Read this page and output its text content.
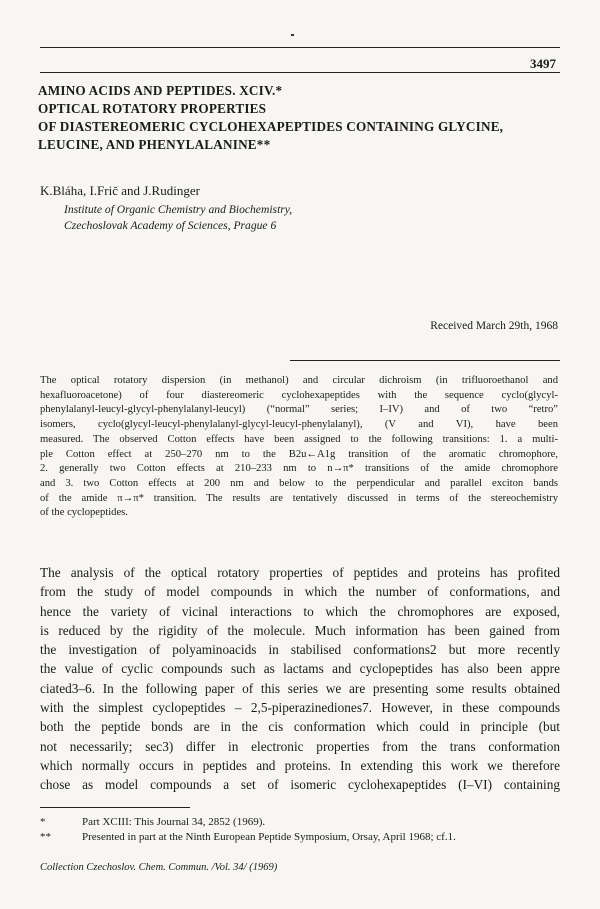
3497
AMINO ACIDS AND PEPTIDES. XCIV.*
OPTICAL ROTATORY PROPERTIES
OF DIASTEREOMERIC CYCLOHEXAPEPTIDES CONTAINING GLYCINE,
LEUCINE, AND PHENYLALANINE**
K.Bláha, I.Frič and J.Rudinger
Institute of Organic Chemistry and Biochemistry,
Czechoslovak Academy of Sciences, Prague 6
Received March 29th, 1968
The optical rotatory dispersion (in methanol) and circular dichroism (in trifluoroethanol and
hexafluoroacetone) of four diastereomeric cyclohexapeptides with the sequence cyclo(glycyl-
phenylalanyl-leucyl-glycyl-phenylalanyl-leucyl) (“normal” series; I–IV) and of two “retro”
isomers, cyclo(glycyl-leucyl-phenylalanyl-glycyl-leucyl-phenylalanyl), (V and VI), have been
measured. The observed Cotton effects have been assigned to the following transitions: 1. a multi-
ple Cotton effect at 250–270 nm to the B2u←A1g transition of the aromatic chromophore,
2. generally two Cotton effects at 210–233 nm to n→π* transitions of the amide chromophore
and 3. two Cotton effects at 200 nm and below to the perpendicular and parallel exciton bands
of the amide π→π* transition. The results are tentatively discussed in terms of the stereochemistry
of the cyclopeptides.
The analysis of the optical rotatory properties of peptides and proteins has profited
from the study of model compounds in which the number of conformations, and
hence the variety of vicinal interactions to which the chromophores are exposed,
is reduced by the rigidity of the molecule. Much information has been gained from
the investigation of polyaminoacids in stabilised conformations2 but more recently
the value of cyclic compounds such as lactams and cyclopeptides has also been appre
ciated3–6. In the following paper of this series we are presenting some results obtained
with the simplest cyclopeptides – 2,5-piperazinediones7. However, in these compounds
both the peptide bonds are in the cis conformation which could in principle (but
not necessarily; sec3) differ in electronic properties from the trans conformation
which normally occurs in peptides and proteins. In extending this work we therefore
chose as model compounds a set of isomeric cyclohexapeptides (I–VI) containing
*	Part XCIII: This Journal 34, 2852 (1969).
**	Presented in part at the Ninth European Peptide Symposium, Orsay, April 1968; cf.1.
Collection Czechoslov. Chem. Commun. /Vol. 34/ (1969)
